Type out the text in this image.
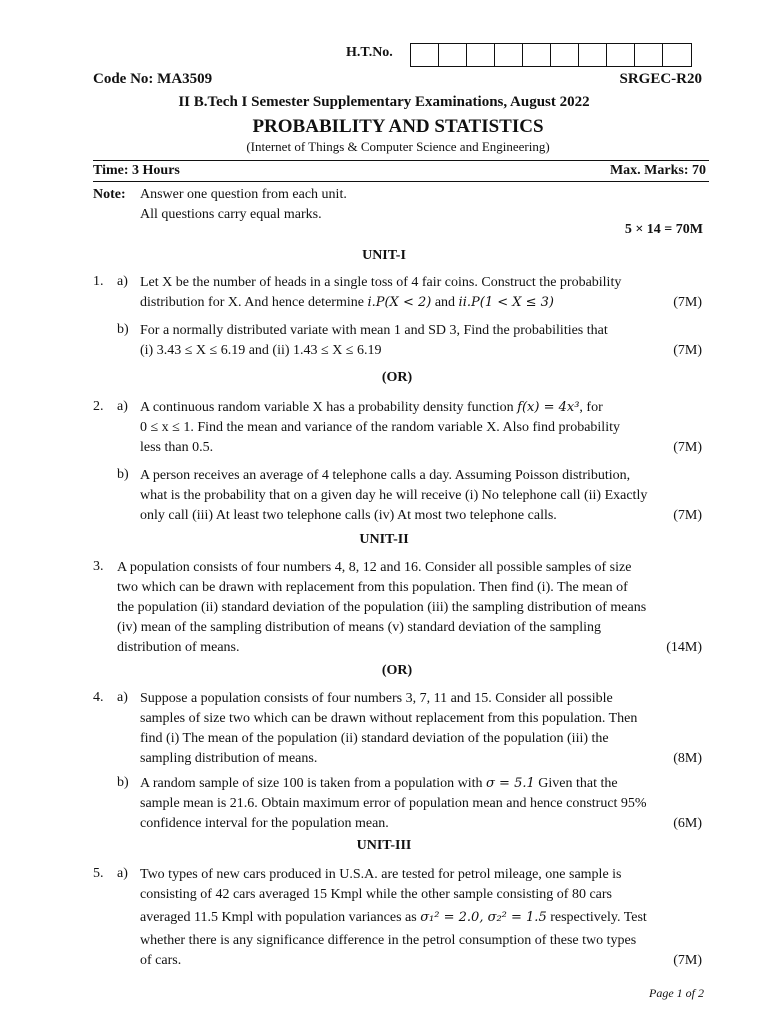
H.T.No.
Code No: MA3509	SRGEC-R20
II B.Tech I Semester Supplementary Examinations, August 2022
PROBABILITY AND STATISTICS
(Internet of Things & Computer Science and Engineering)
Time: 3 Hours	Max. Marks: 70
Note: Answer one question from each unit.
All questions carry equal marks.
5 × 14 = 70M
UNIT-I
1. a) Let X be the number of heads in a single toss of 4 fair coins. Construct the probability
distribution for X. And hence determine i.P(X < 2) and ii.P(1 < X ≤ 3)	(7M)
b) For a normally distributed variate with mean 1 and SD 3, Find the probabilities that
(i) 3.43 ≤ X ≤ 6.19 and (ii) 1.43 ≤ X ≤ 6.19	(7M)
(OR)
2. a) A continuous random variable X has a probability density function f(x) = 4x³, for
0 ≤ x ≤ 1. Find the mean and variance of the random variable X. Also find probability
less than 0.5.	(7M)
b) A person receives an average of 4 telephone calls a day. Assuming Poisson distribution,
what is the probability that on a given day he will receive (i) No telephone call (ii) Exactly
only call (iii) At least two telephone calls (iv) At most two telephone calls.	(7M)
UNIT-II
3. A population consists of four numbers 4, 8, 12 and 16. Consider all possible samples of size
two which can be drawn with replacement from this population. Then find (i). The mean of
the population (ii) standard deviation of the population (iii) the sampling distribution of means
(iv) mean of the sampling distribution of means (v) standard deviation of the sampling
distribution of means.	(14M)
(OR)
4. a) Suppose a population consists of four numbers 3, 7, 11 and 15. Consider all possible
samples of size two which can be drawn without replacement from this population. Then
find (i) The mean of the population (ii) standard deviation of the population (iii) the
sampling distribution of means.	(8M)
b) A random sample of size 100 is taken from a population with σ = 5.1 Given that the
sample mean is 21.6. Obtain maximum error of population mean and hence construct 95%
confidence interval for the population mean.	(6M)
UNIT-III
5. a) Two types of new cars produced in U.S.A. are tested for petrol mileage, one sample is
consisting of 42 cars averaged 15 Kmpl while the other sample consisting of 80 cars
averaged 11.5 Kmpl with population variances as σ₁² = 2.0, σ₂² = 1.5 respectively. Test
whether there is any significance difference in the petrol consumption of these two types
of cars.	(7M)
Page 1 of 2
